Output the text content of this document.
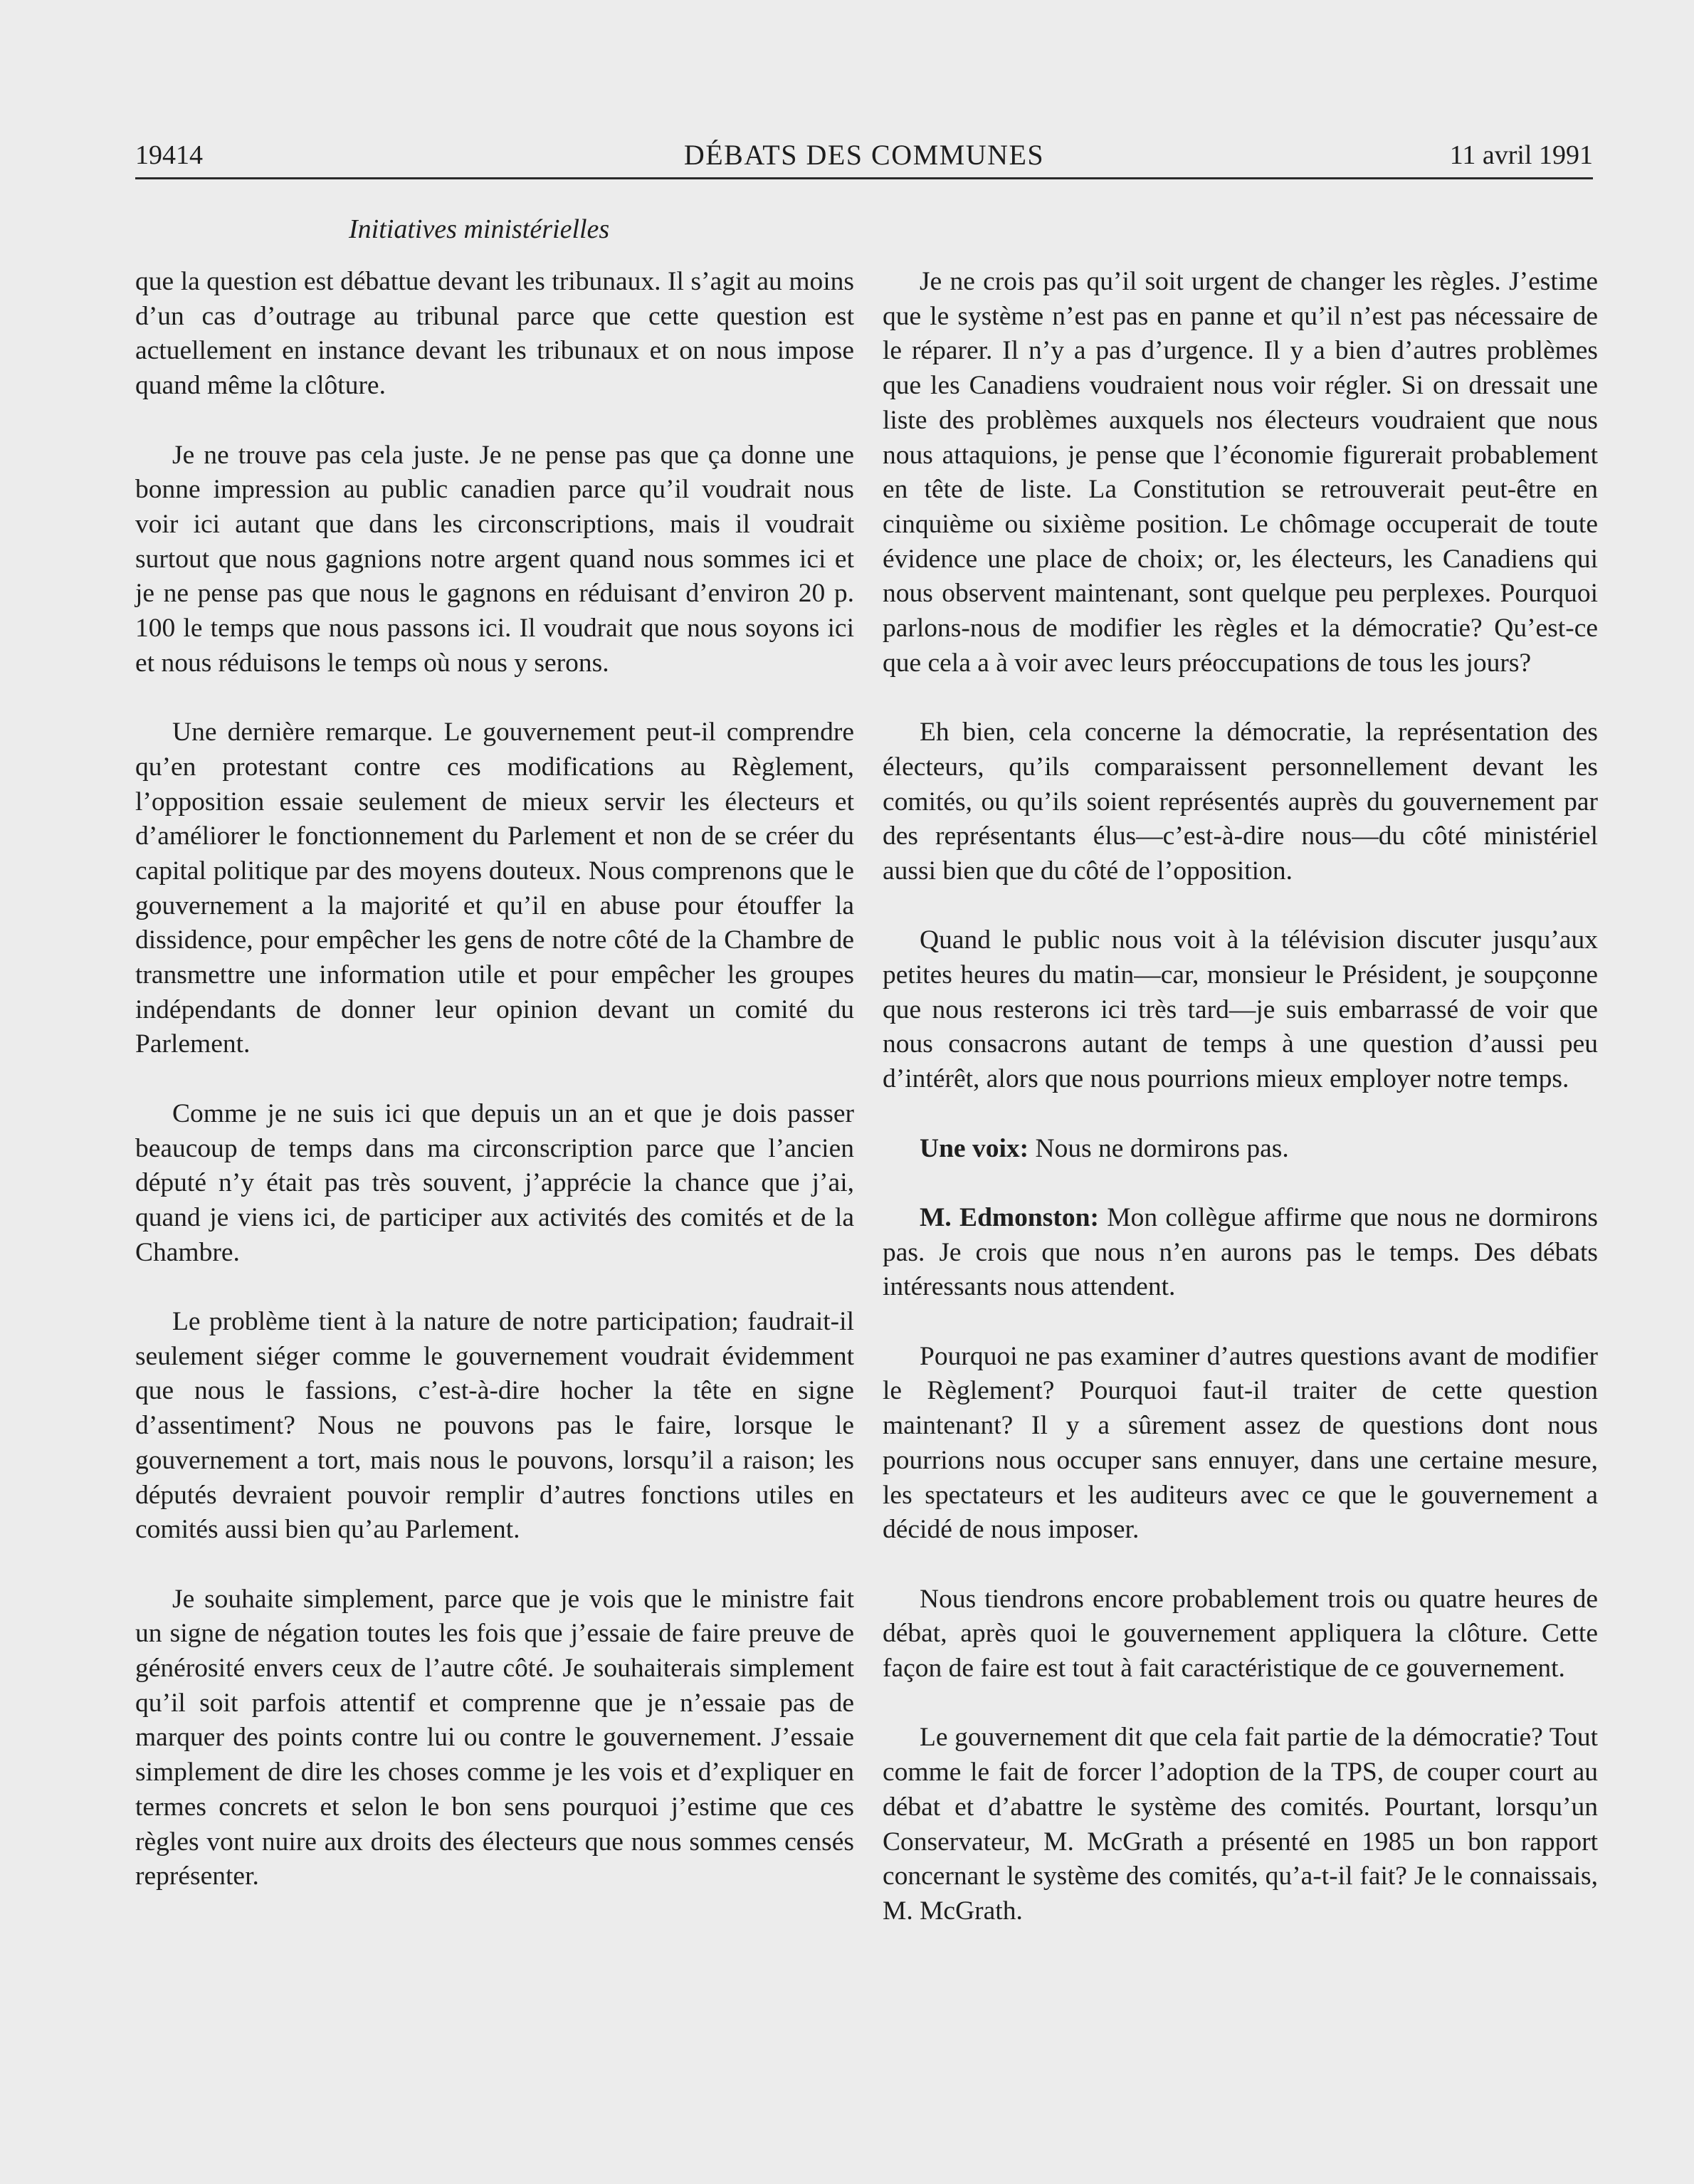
19414	DÉBATS DES COMMUNES	11 avril 1991
Initiatives ministérielles

que la question est débattue devant les tribunaux. Il s’agit au moins d’un cas d’outrage au tribunal parce que cette question est actuellement en instance devant les tribunaux et on nous impose quand même la clôture.

Je ne trouve pas cela juste. Je ne pense pas que ça donne une bonne impression au public canadien parce qu’il voudrait nous voir ici autant que dans les circonscriptions, mais il voudrait surtout que nous gagnions notre argent quand nous sommes ici et je ne pense pas que nous le gagnons en réduisant d’environ 20 p. 100 le temps que nous passons ici. Il voudrait que nous soyons ici et nous réduisons le temps où nous y serons.

Une dernière remarque. Le gouvernement peut-il comprendre qu’en protestant contre ces modifications au Règlement, l’opposition essaie seulement de mieux servir les électeurs et d’améliorer le fonctionnement du Parlement et non de se créer du capital politique par des moyens douteux. Nous comprenons que le gouvernement a la majorité et qu’il en abuse pour étouffer la dissidence, pour empêcher les gens de notre côté de la Chambre de transmettre une information utile et pour empêcher les groupes indépendants de donner leur opinion devant un comité du Parlement.

Comme je ne suis ici que depuis un an et que je dois passer beaucoup de temps dans ma circonscription parce que l’ancien député n’y était pas très souvent, j’apprécie la chance que j’ai, quand je viens ici, de participer aux activités des comités et de la Chambre.

Le problème tient à la nature de notre participation; faudrait-il seulement siéger comme le gouvernement voudrait évidemment que nous le fassions, c’est-à-dire hocher la tête en signe d’assentiment? Nous ne pouvons pas le faire, lorsque le gouvernement a tort, mais nous le pouvons, lorsqu’il a raison; les députés devraient pouvoir remplir d’autres fonctions utiles en comités aussi bien qu’au Parlement.

Je souhaite simplement, parce que je vois que le ministre fait un signe de négation toutes les fois que j’essaie de faire preuve de générosité envers ceux de l’autre côté. Je souhaiterais simplement qu’il soit parfois attentif et comprenne que je n’essaie pas de marquer des points contre lui ou contre le gouvernement. J’essaie simplement de dire les choses comme je les vois et d’expliquer en termes concrets et selon le bon sens pourquoi j’estime que ces règles vont nuire aux droits des électeurs que nous sommes censés représenter.

Je ne crois pas qu’il soit urgent de changer les règles. J’estime que le système n’est pas en panne et qu’il n’est pas nécessaire de le réparer. Il n’y a pas d’urgence. Il y a bien d’autres problèmes que les Canadiens voudraient nous voir régler. Si on dressait une liste des problèmes auxquels nos électeurs voudraient que nous nous attaquions, je pense que l’économie figurerait probablement en tête de liste. La Constitution se retrouverait peut-être en cinquième ou sixième position. Le chômage occuperait de toute évidence une place de choix; or, les électeurs, les Canadiens qui nous observent maintenant, sont quelque peu perplexes. Pourquoi parlons-nous de modifier les règles et la démocratie? Qu’est-ce que cela a à voir avec leurs préoccupations de tous les jours?

Eh bien, cela concerne la démocratie, la représentation des électeurs, qu’ils comparaissent personnellement devant les comités, ou qu’ils soient représentés auprès du gouvernement par des représentants élus—c’est-à-dire nous—du côté ministériel aussi bien que du côté de l’opposition.

Quand le public nous voit à la télévision discuter jusqu’aux petites heures du matin—car, monsieur le Président, je soupçonne que nous resterons ici très tard—je suis embarrassé de voir que nous consacrons autant de temps à une question d’aussi peu d’intérêt, alors que nous pourrions mieux employer notre temps.

Une voix: Nous ne dormirons pas.

M. Edmonston: Mon collègue affirme que nous ne dormirons pas. Je crois que nous n’en aurons pas le temps. Des débats intéressants nous attendent.

Pourquoi ne pas examiner d’autres questions avant de modifier le Règlement? Pourquoi faut-il traiter de cette question maintenant? Il y a sûrement assez de questions dont nous pourrions nous occuper sans ennuyer, dans une certaine mesure, les spectateurs et les auditeurs avec ce que le gouvernement a décidé de nous imposer.

Nous tiendrons encore probablement trois ou quatre heures de débat, après quoi le gouvernement appliquera la clôture. Cette façon de faire est tout à fait caractéristique de ce gouvernement.

Le gouvernement dit que cela fait partie de la démocratie? Tout comme le fait de forcer l’adoption de la TPS, de couper court au débat et d’abattre le système des comités. Pourtant, lorsqu’un Conservateur, M. McGrath a présenté en 1985 un bon rapport concernant le système des comités, qu’a-t-il fait? Je le connaissais, M. McGrath.
